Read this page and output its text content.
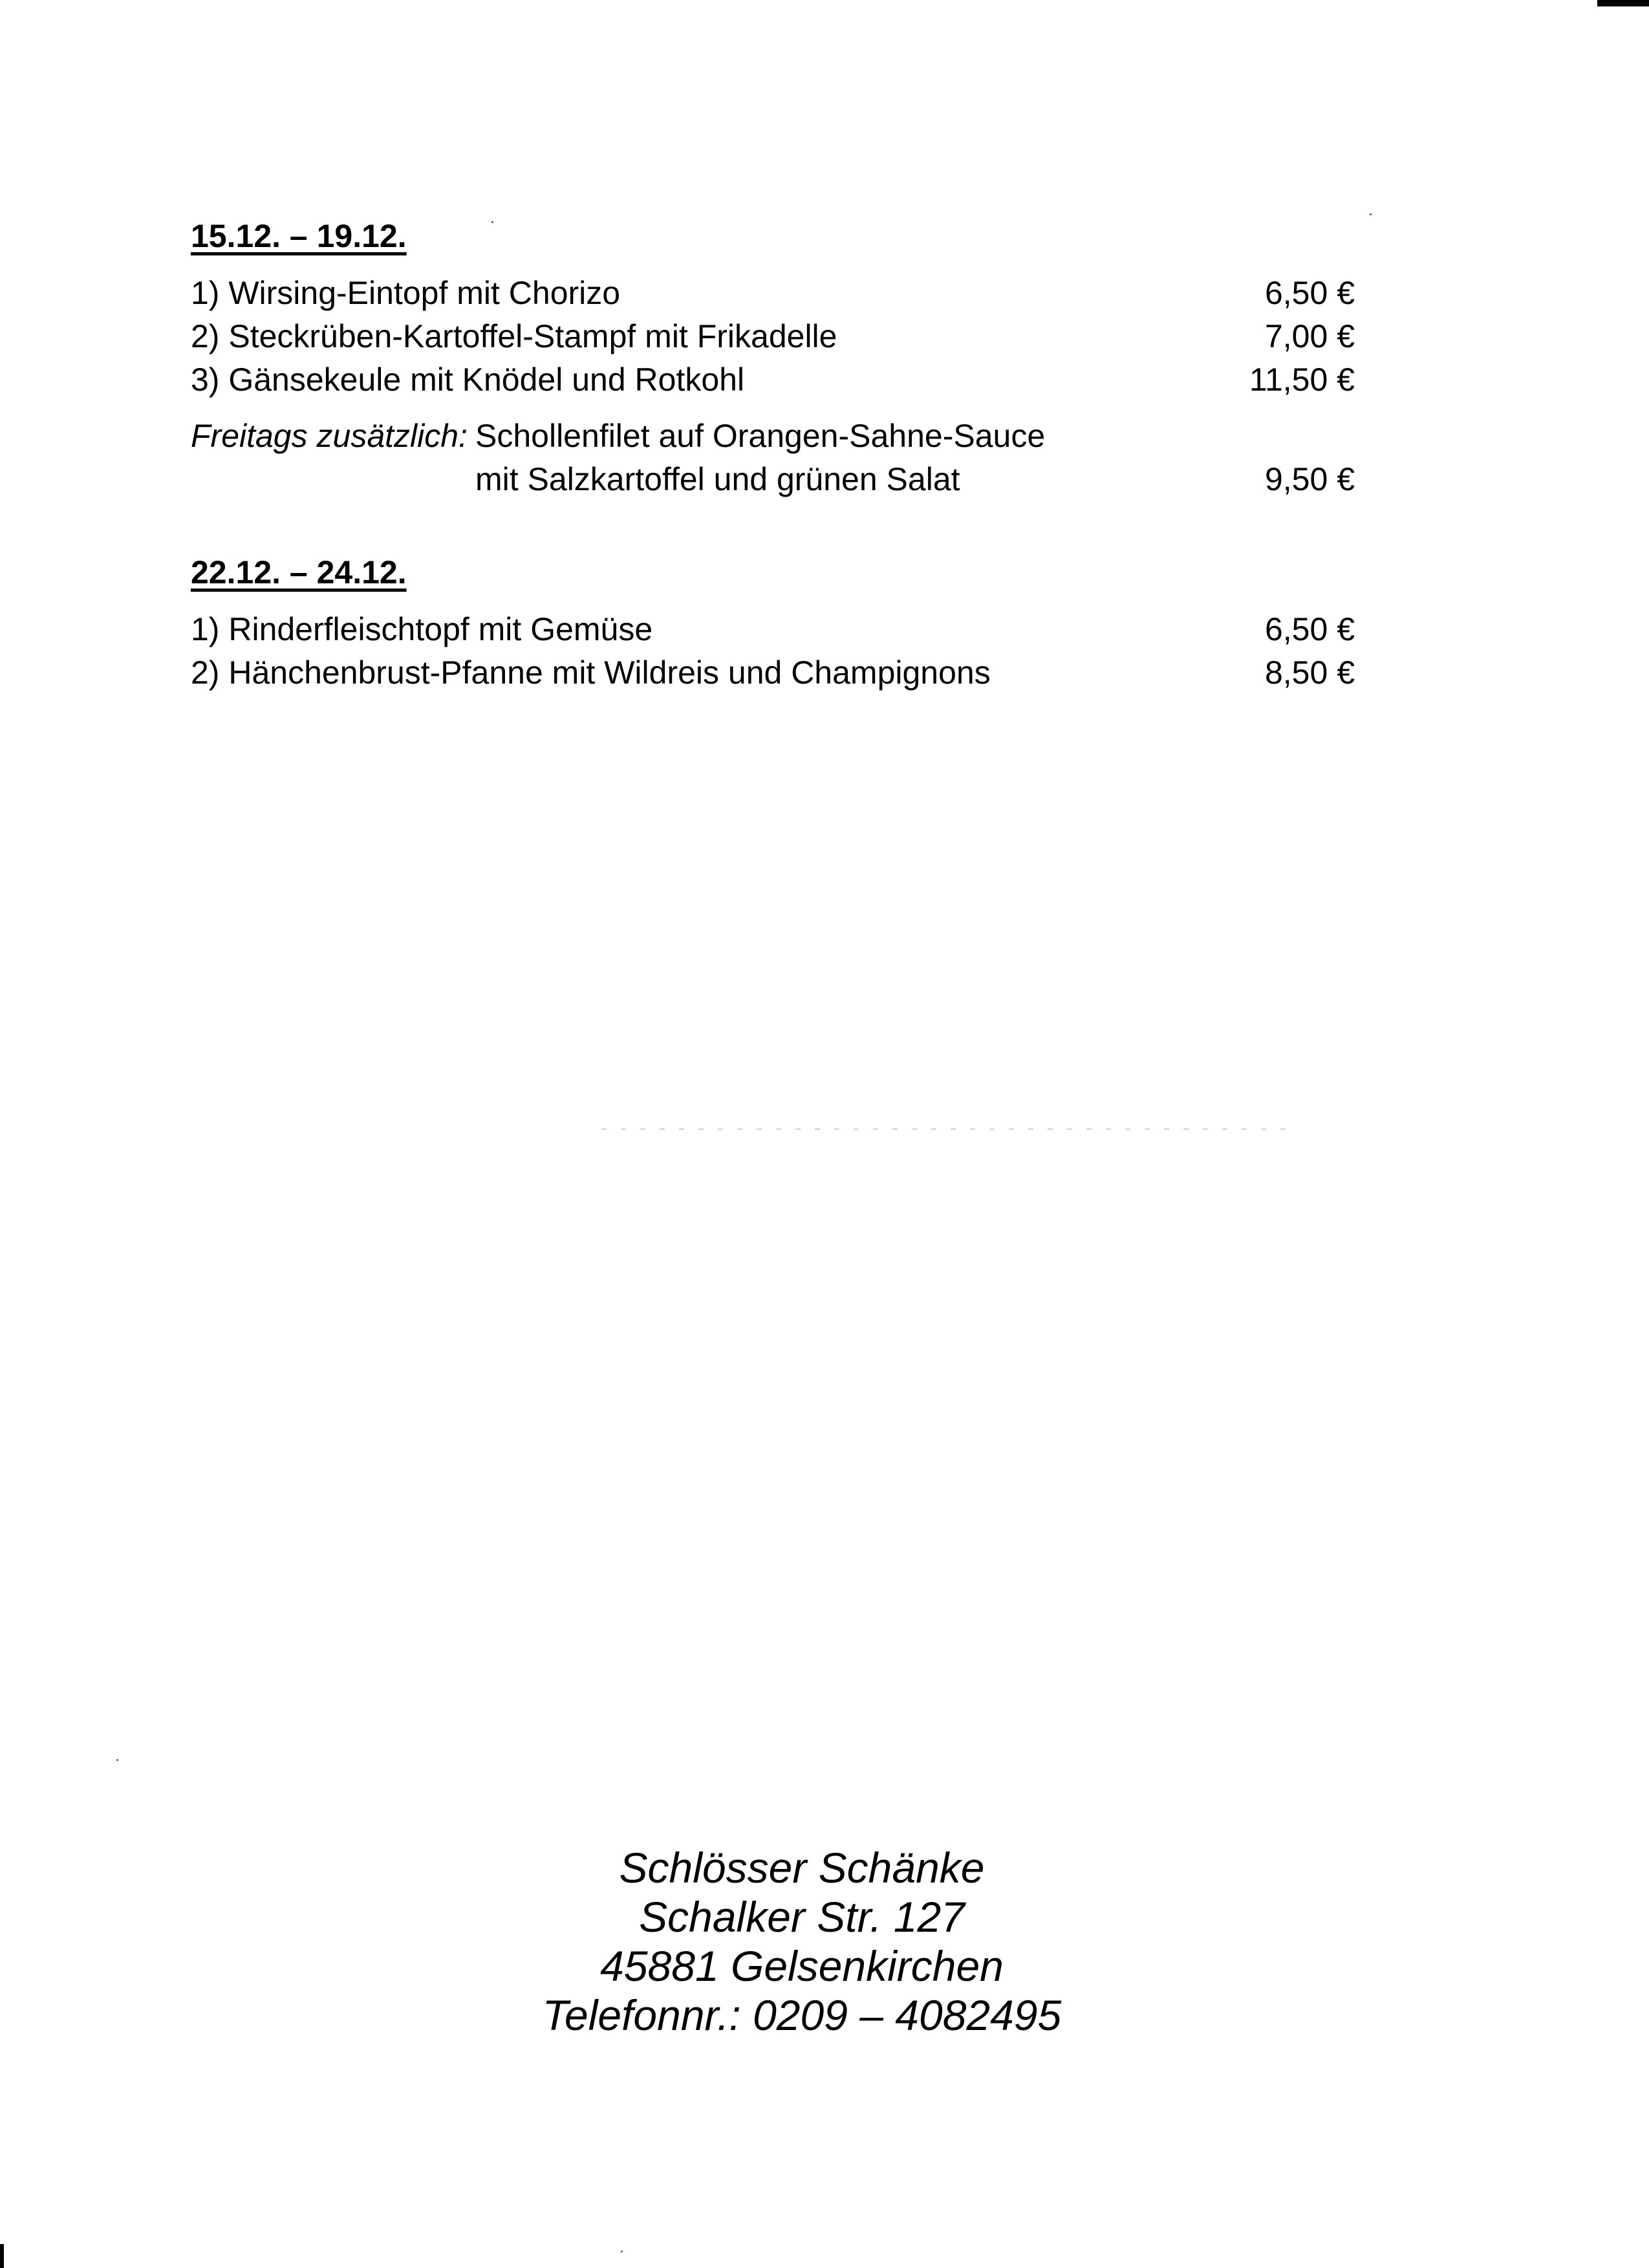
15.12. – 19.12.
1) Wirsing-Eintopf mit Chorizo	6,50 €
2) Steckrüben-Kartoffel-Stampf mit Frikadelle	7,00 €
3) Gänsekeule mit Knödel und Rotkohl	11,50 €
Freitags zusätzlich: Schollenfilet auf Orangen-Sahne-Sauce
mit Salzkartoffel und grünen Salat	9,50 €
22.12. – 24.12.
1) Rinderfleischtopf mit Gemüse	6,50 €
2) Hänchenbrust-Pfanne mit Wildreis und Champignons	8,50 €
Schlösser Schänke
Schalker Str. 127
45881 Gelsenkirchen
Telefonnr.: 0209 – 4082495
